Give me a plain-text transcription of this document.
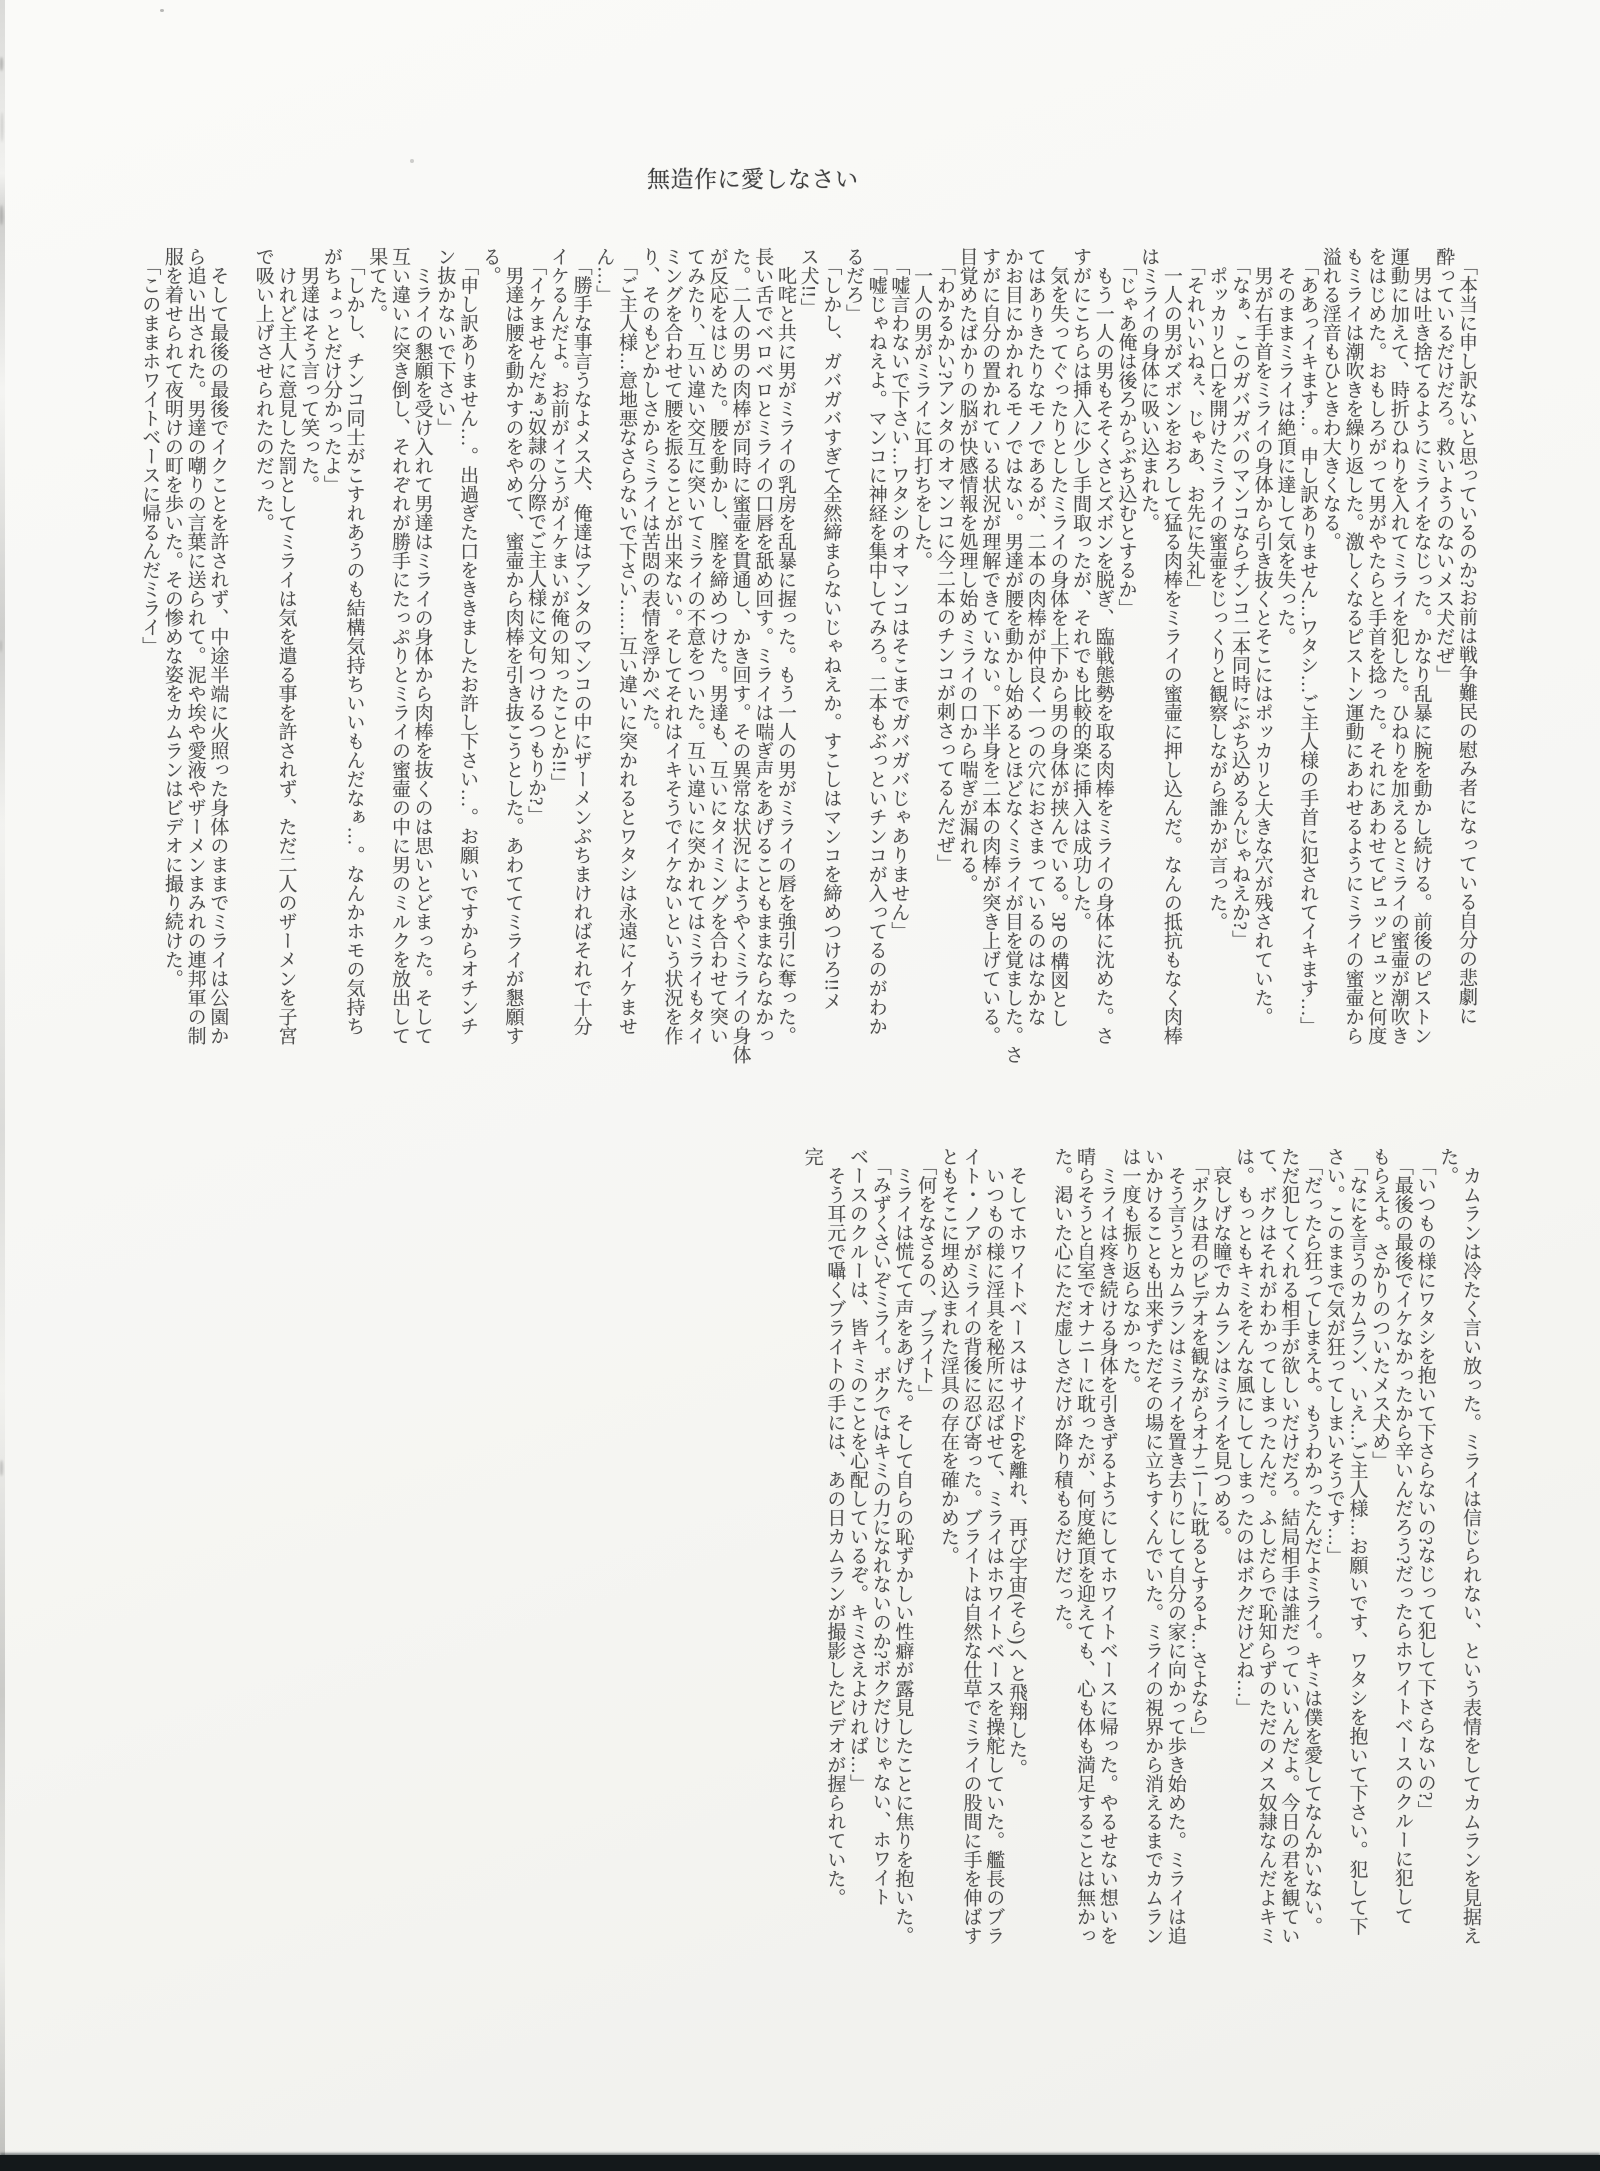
無造作に愛しなさい

　「本当に申し訳ないと思っているのか?お前は戦争難民の慰み者になっている自分の悲劇に

酔っているだけだろ。救いようのないメス犬だぜ」

　男は吐き捨てるようにミライをなじった。かなり乱暴に腕を動かし続ける。前後のピストン

運動に加えて、時折ひねりを入れてミライを犯した。ひねりを加えるとミライの蜜壷が潮吹き

をはじめた。おもしろがって男がやたらと手首を捻った。それにあわせてピュッピュッと何度

もミライは潮吹きを繰り返した。激しくなるピストン運動にあわせるようにミライの蜜壷から

溢れる淫音もひときわ大きくなる。

　「ああっイキます…。申し訳ありません…ワタシ…ご主人様の手首に犯されてイキます…」

　そのままミライは絶頂に達して気を失った。

　男が右手首をミライの身体から引き抜くとそこにはポッカリと大きな穴が残されていた。

　「なぁ、このガバガバのマンコならチンコ二本同時にぶち込めるんじゃねえか?」

　ポッカリと口を開けたミライの蜜壷をじっくりと観察しながら誰かが言った。

　「それいいねぇ、じゃあ、お先に失礼」

　一人の男がズボンをおろして猛る肉棒をミライの蜜壷に押し込んだ。なんの抵抗もなく肉棒

はミライの身体に吸い込まれた。

　「じゃあ俺は後ろからぶち込むとするか」

　もう一人の男もそそくさとズボンを脱ぎ、臨戦態勢を取る肉棒をミライの身体に沈めた。さ

すがにこちらは挿入に少し手間取ったが、それでも比較的楽に挿入は成功した。

　気を失ってぐったりとしたミライの身体を上下から男の身体が挟んでいる。3Pの構図とし

てはありきたりなモノであるが、二本の肉棒が仲良く一つの穴におさまっているのはなかな

かお目にかかれるモノではない。男達が腰を動かし始めるとほどなくミライが目を覚ました。さ

すがに自分の置かれている状況が理解できていない。下半身を二本の肉棒が突き上げている。

目覚めたばかりの脳が快感情報を処理し始めミライの口から喘ぎが漏れる。

　「わかるかい?アンタのオマンコに今二本のチンコが刺さってるんだぜ」

　一人の男がミライに耳打ちをした。

　「嘘言わないで下さい…ワタシのオマンコはそこまでガバガバじゃありません」

　「嘘じゃねえよ。マンコに神経を集中してみろ。二本もぶっといチンコが入ってるのがわか

るだろ」

　「しかし、ガバガバすぎて全然締まらないじゃねえか。すこしはマンコを締めつけろ!!メ

ス犬!!」

　叱咤と共に男がミライの乳房を乱暴に握った。もう一人の男がミライの唇を強引に奪った。

長い舌でベロベロとミライの口唇を舐め回す。ミライは喘ぎ声をあげることもままならなかっ

た。二人の男の肉棒が同時に蜜壷を貫通し、かき回す。その異常な状況にようやくミライの身体

が反応をはじめた。腰を動かし、膣を締めつけた。男達も、互いにタイミングを合わせて突い

てみたり、互い違い交互に突いてミライの不意をついた。互い違いに突かれてはミライもタイ

ミングを合わせて腰を振ることが出来ない。そしてそれはイキそうでイケないという状況を作

り、そのもどかしさからミライは苦悶の表情を浮かべた。

　「ご主人様…意地悪なさらないで下さい……互い違いに突かれるとワタシは永遠にイケませ

ん…」

　「勝手な事言うなよメス犬、俺達はアンタのマンコの中にザーメンぶちまければそれで十分

イケるんだよ。お前がイこうがイケまいが俺の知ったことか!!」

　「イケませんだぁ?奴隷の分際でご主人様に文句つけるつもりか?」

　男達は腰を動かすのをやめて、蜜壷から肉棒を引き抜こうとした。あわててミライが懇願す

る。

　「申し訳ありません…。出過ぎた口をききましたお許し下さい…。お願いですからオチンチ

ン抜かないで下さい」

　ミライの懇願を受け入れて男達はミライの身体から肉棒を抜くのは思いとどまった。そして

互い違いに突き倒し、それぞれが勝手にたっぷりとミライの蜜壷の中に男のミルクを放出して

果てた。

　「しかし、チンコ同士がこすれあうのも結構気持ちいいもんだなぁ…。なんかホモの気持ち

がちょっとだけ分かったよ」

　男達はそう言って笑った。

　けれど主人に意見した罰としてミライは気を遣る事を許されず、ただ二人のザーメンを子宮

で吸い上げさせられたのだった。

　そして最後の最後でイクことを許されず、中途半端に火照った身体のままでミライは公園か

ら追い出された。男達の嘲りの言葉に送られて。泥や埃や愛液やザーメンまみれの連邦軍の制

服を着せられて夜明けの町を歩いた。その惨めな姿をカムランはビデオに撮り続けた。

　「このままホワイトベースに帰るんだミライ」

　カムランは冷たく言い放った。ミライは信じられない、という表情をしてカムランを見据え

た。

　「いつもの様にワタシを抱いて下さらないの?なじって犯して下さらないの?」

　「最後の最後でイケなかったから辛いんだろう?だったらホワイトベースのクルーに犯して

もらえよ。さかりのついたメス犬め」

　「なにを言うのカムラン、いえ…ご主人様…お願いです、ワタシを抱いて下さい。犯して下

さい。このままで気が狂ってしまいそうです…」

　「だったら狂ってしまえよ。もうわかったんだよミライ。キミは僕を愛してなんかいない。

ただ犯してくれる相手が欲しいだけだろ。結局相手は誰だっていいんだよ。今日の君を観てい

て、ボクはそれがわかってしまったんだ。ふしだらで恥知らずのただのメス奴隷なんだよキミ

は。もっともキミをそんな風にしてしまったのはボクだけどね…」

　哀しげな瞳でカムランはミライを見つめる。

　「ボクは君のビデオを観ながらオナニーに耽るとするよ…さよなら」

　そう言うとカムランはミライを置き去りにして自分の家に向かって歩き始めた。ミライは追

いかけることも出来ずただその場に立ちすくんでいた。ミライの視界から消えるまでカムラン

は一度も振り返らなかった。

　ミライは疼き続ける身体を引きずるようにしてホワイトベースに帰った。やるせない想いを

晴らそうと自室でオナニーに耽ったが、何度絶頂を迎えても、心も体も満足することは無かっ

た。渇いた心にただ虚しさだけが降り積もるだけだった。

　そしてホワイトベースはサイド6を離れ、再び宇宙(そら)へと飛翔した。

　いつもの様に淫具を秘所に忍ばせて、ミライはホワイトベースを操舵していた。艦長のブラ

イト・ノアがミライの背後に忍び寄った。ブライトは自然な仕草でミライの股間に手を伸ばす

ともそこに埋め込まれた淫具の存在を確かめた。

　「何をなさるの、ブライト」

　ミライは慌てて声をあげた。そして自らの恥ずかしい性癖が露見したことに焦りを抱いた。

　「みずくさいぞミライ。ボクではキミの力になれないのか?ボクだけじゃない、ホワイト

ベースのクルーは、皆キミのことを心配しているぞ。キミさえよければ…」

　そう耳元で囁くブライトの手には、あの日カムランが撮影したビデオが握られていた。

完
